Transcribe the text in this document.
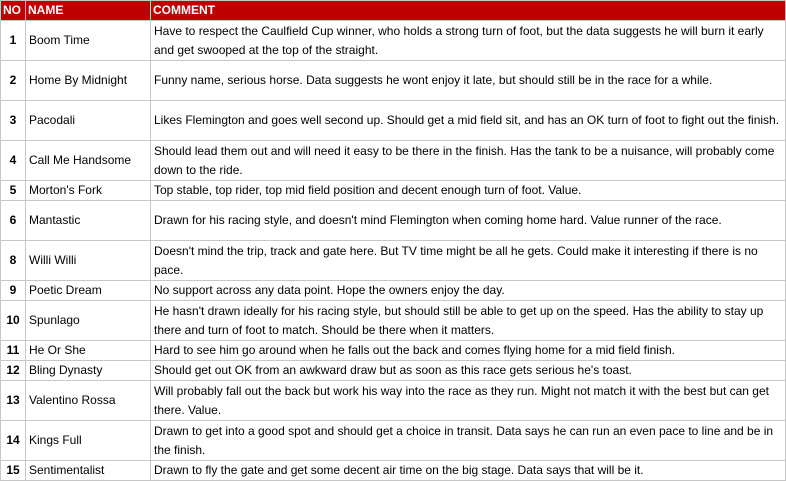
NO	NAME	COMMENT
1	Boom Time	Have to respect the Caulfield Cup winner, who holds a strong turn of foot, but the data suggests he will burn it early and get swooped at the top of the straight.
2	Home By Midnight	Funny name, serious horse. Data suggests he wont enjoy it late, but should still be in the race for a while.
3	Pacodali	Likes Flemington and goes well second up. Should get a mid field sit, and has an OK turn of foot to fight out the finish.
4	Call Me Handsome	Should lead them out and will need it easy to be there in the finish. Has the tank to be a nuisance, will probably come down to the ride.
5	Morton's Fork	Top stable, top rider, top mid field position and decent enough turn of foot. Value.
6	Mantastic	Drawn for his racing style, and doesn't mind Flemington when coming home hard. Value runner of the race.
8	Willi Willi	Doesn't mind the trip, track and gate here. But TV time might be all he gets. Could make it interesting if there is no pace.
9	Poetic Dream	No support across any data point. Hope the owners enjoy the day.
10	Spunlago	He hasn't drawn ideally for his racing style, but should still be able to get up on the speed. Has the ability to stay up there and turn of foot to match. Should be there when it matters.
11	He Or She	Hard to see him go around when he falls out the back and comes flying home for a mid field finish.
12	Bling Dynasty	Should get out OK from an awkward draw but as soon as this race gets serious he's toast.
13	Valentino Rossa	Will probably fall out the back but work his way into the race as they run. Might not match it with the best but can get there. Value.
14	Kings Full	Drawn to get into a good spot and should get a choice in transit. Data says he can run an even pace to line and be in the finish.
15	Sentimentalist	Drawn to fly the gate and get some decent air time on the big stage. Data says that will be it.
